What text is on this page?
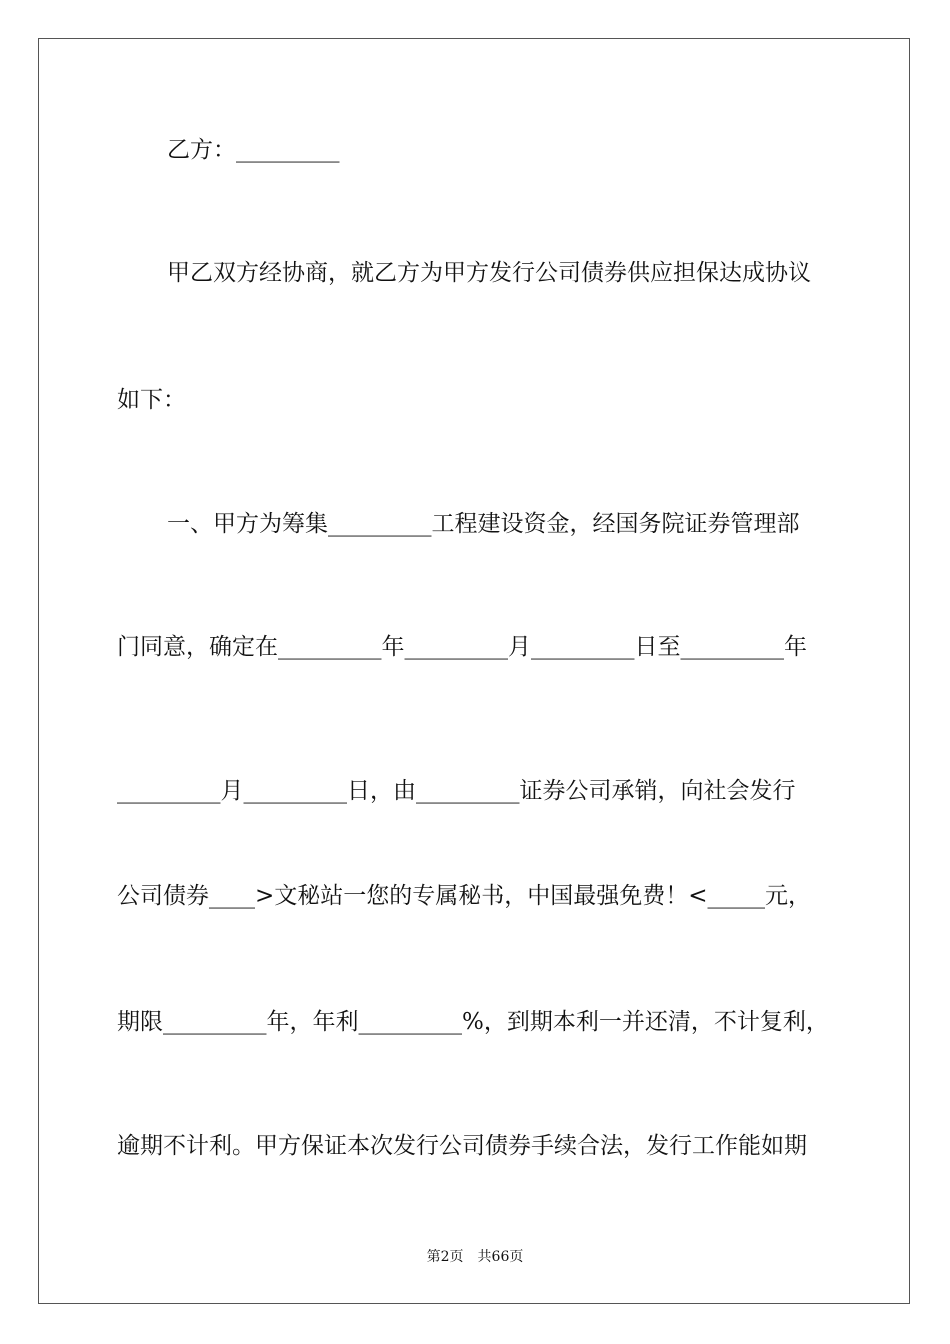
乙方：_________
甲乙双方经协商，就乙方为甲方发行公司债券供应担保达成协议
如下：
一、甲方为筹集_________工程建设资金，经国务院证券管理部
门同意，确定在_________年_________月_________日至_________年
_________月_________日，由_________证券公司承销，向社会发行
公司债券____>文秘站一您的专属秘书，中国最强免费！<_____元，
期限_________年，年利_________%，到期本利一并还清，不计复利，
逾期不计利。甲方保证本次发行公司债券手续合法，发行工作能如期
第2页 共66页
